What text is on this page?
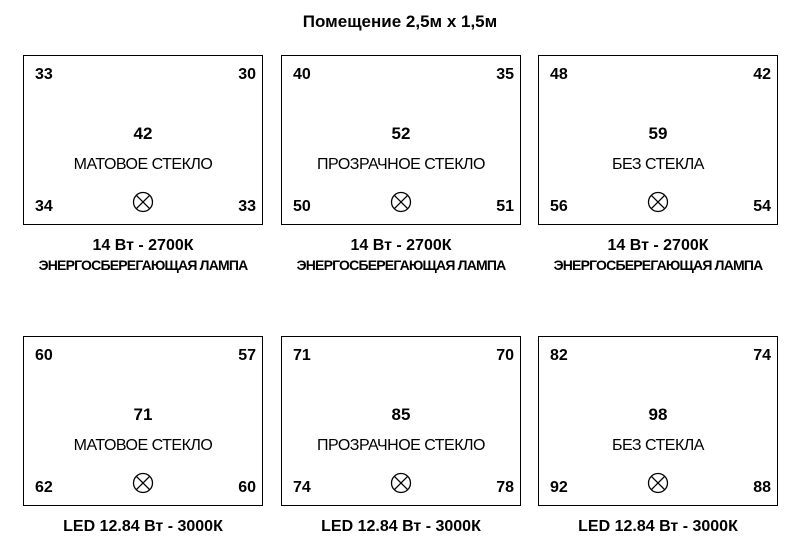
Помещение 2,5м х 1,5м
33	30
34	33
42
МАТОВОЕ СТЕКЛО
14 Вт - 2700К
ЭНЕРГОСБЕРЕГАЮЩАЯ ЛАМПА
40	35
50	51
52
ПРОЗРАЧНОЕ СТЕКЛО
14 Вт - 2700К
ЭНЕРГОСБЕРЕГАЮЩАЯ ЛАМПА
48	42
56	54
59
БЕЗ СТЕКЛА
14 Вт - 2700К
ЭНЕРГОСБЕРЕГАЮЩАЯ ЛАМПА
60	57
62	60
71
МАТОВОЕ СТЕКЛО
LED 12.84 Вт - 3000К
71	70
74	78
85
ПРОЗРАЧНОЕ СТЕКЛО
LED 12.84 Вт - 3000К
82	74
92	88
98
БЕЗ СТЕКЛА
LED 12.84 Вт - 3000К
